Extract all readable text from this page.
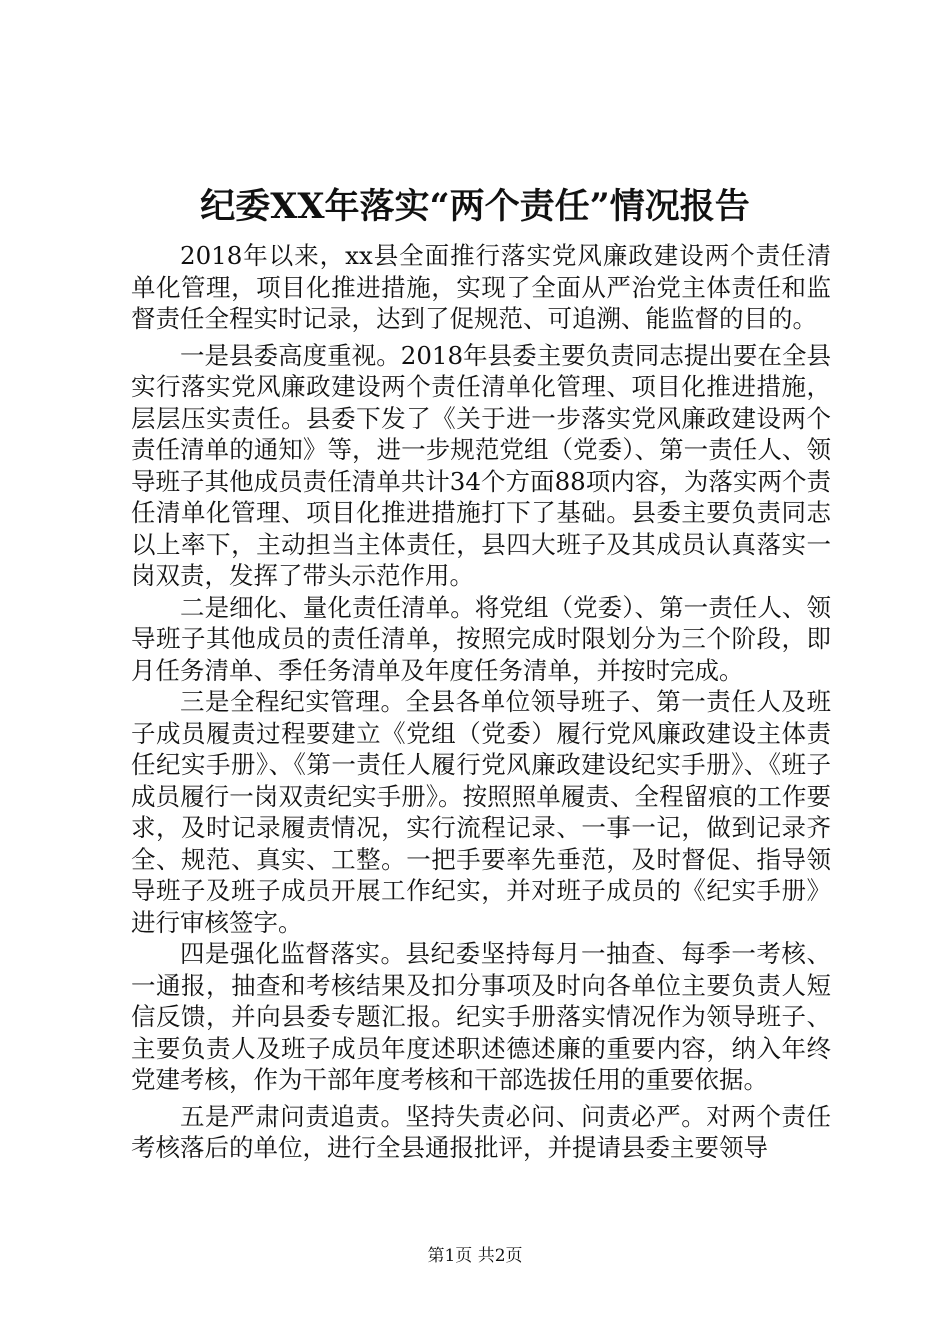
纪委XX年落实“两个责任”情况报告

2018年以来，xx县全面推行落实党风廉政建设两个责任清单化管理，项目化推进措施，实现了全面从严治党主体责任和监督责任全程实时记录，达到了促规范、可追溯、能监督的目的。

一是县委高度重视。2018年县委主要负责同志提出要在全县实行落实党风廉政建设两个责任清单化管理、项目化推进措施，层层压实责任。县委下发了《关于进一步落实党风廉政建设两个责任清单的通知》等，进一步规范党组（党委）、第一责任人、领导班子其他成员责任清单共计34个方面88项内容，为落实两个责任清单化管理、项目化推进措施打下了基础。县委主要负责同志以上率下，主动担当主体责任，县四大班子及其成员认真落实一岗双责，发挥了带头示范作用。

二是细化、量化责任清单。将党组（党委）、第一责任人、领导班子其他成员的责任清单，按照完成时限划分为三个阶段，即月任务清单、季任务清单及年度任务清单，并按时完成。

三是全程纪实管理。全县各单位领导班子、第一责任人及班子成员履责过程要建立《党组（党委）履行党风廉政建设主体责任纪实手册》、《第一责任人履行党风廉政建设纪实手册》、《班子成员履行一岗双责纪实手册》。按照照单履责、全程留痕的工作要求，及时记录履责情况，实行流程记录、一事一记，做到记录齐全、规范、真实、工整。一把手要率先垂范，及时督促、指导领导班子及班子成员开展工作纪实，并对班子成员的《纪实手册》进行审核签字。

四是强化监督落实。县纪委坚持每月一抽查、每季一考核、一通报，抽查和考核结果及扣分事项及时向各单位主要负责人短信反馈，并向县委专题汇报。纪实手册落实情况作为领导班子、主要负责人及班子成员年度述职述德述廉的重要内容，纳入年终党建考核，作为干部年度考核和干部选拔任用的重要依据。

五是严肃问责追责。坚持失责必问、问责必严。对两个责任考核落后的单位，进行全县通报批评，并提请县委主要领导

第1页 共2页
